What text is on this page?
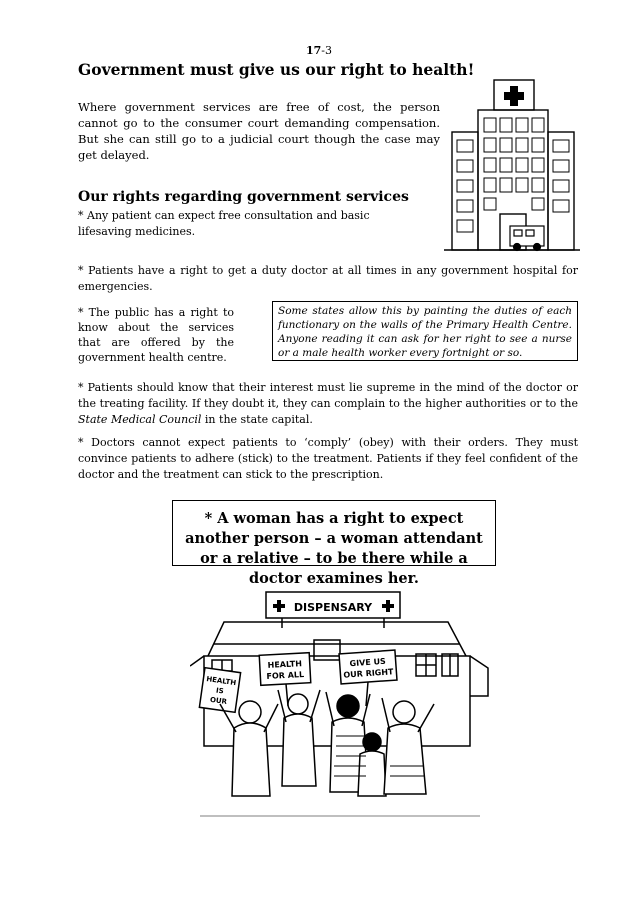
17-3
Government must give us our right to health!
Where government services are free of cost, the person cannot go to the consumer court demanding compensation. But she can still go to a judicial court though the case may get delayed.
Our rights regarding government services
* Any patient can expect free consultation and basic lifesaving medicines.
* Patients have a right to get a duty doctor at all times in any government hospital for emergencies.
* The public has a right to know about the services that are offered by the government health centre.
Some states allow this by painting the duties of each functionary on the walls of the Primary Health Centre. Anyone reading it can ask for her right to see a nurse or a male health worker every fortnight or so.
* Patients should know that their interest must lie supreme in the mind of the doctor or the treating facility. If they doubt it, they can complain to the higher authorities or to the State Medical Council in the state capital.
* Doctors cannot expect patients to ‘comply’ (obey) with their orders. They must convince patients to adhere (stick) to the treatment. Patients if they feel confident of the doctor and the treatment can stick to the prescription.
* A woman has a right to expect another person – a woman attendant or a relative – to be there while a doctor examines her.
DISPENSARY
HEALTH
FOR ALL
GIVE US
OUR RIGHT
HEALTH
IS
OUR
